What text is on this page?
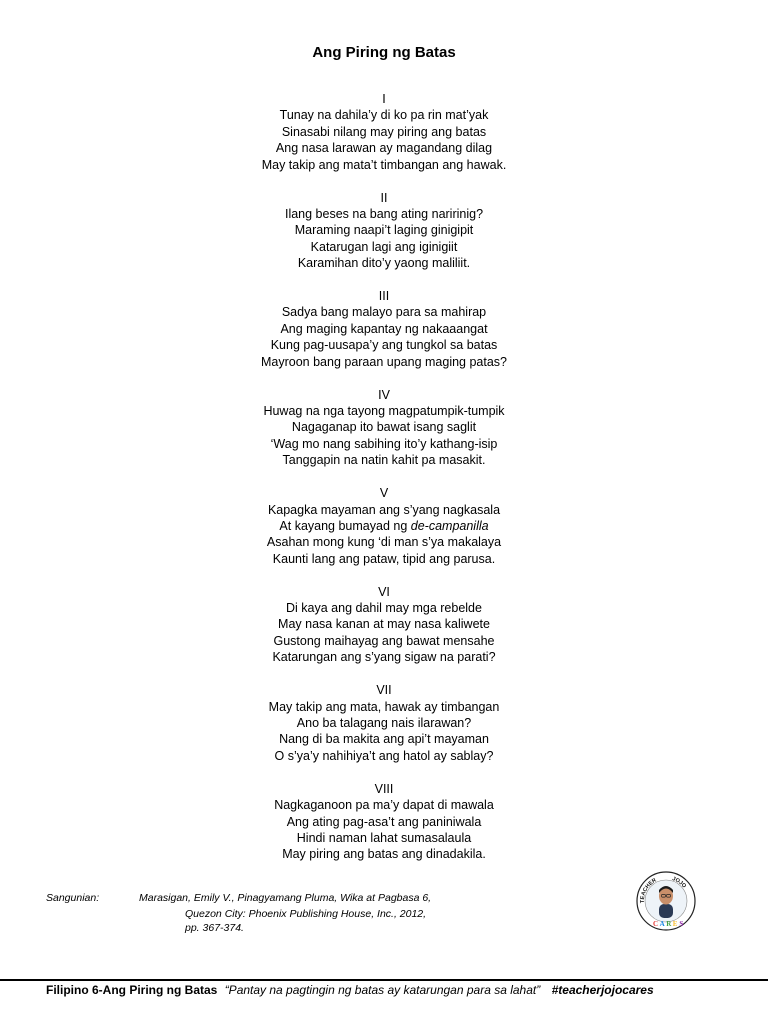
Ang Piring ng Batas
I
Tunay na dahila’y di ko pa rin mat’yak
Sinasabi nilang may piring ang batas
Ang nasa larawan ay magandang dilag
May takip ang mata’t timbangan ang hawak.
II
Ilang beses na bang ating naririnig?
Maraming naapi’t laging ginigipit
Katarugan lagi ang iginigiit
Karamihan dito’y yaong maliliit.
III
Sadya bang malayo para sa mahirap
Ang maging kapantay ng nakaaangat
Kung pag-uusapa’y ang tungkol sa batas
Mayroon bang paraan upang maging patas?
IV
Huwag na nga tayong magpatumpik-tumpik
Nagaganap ito bawat isang saglit
‘Wag mo nang sabihing ito’y kathang-isip
Tanggapin na natin kahit pa masakit.
V
Kapagka mayaman ang s’yang nagkasala
At kayang bumayad ng de-campanilla
Asahan mong kung ‘di man s’ya makalaya
Kaunti lang ang pataw, tipid ang parusa.
VI
Di kaya ang dahil may mga rebelde
May nasa kanan at may nasa kaliwete
Gustong maihayag ang bawat mensahe
Katarungan ang s’yang sigaw na parati?
VII
May takip ang mata, hawak ay timbangan
Ano ba talagang nais ilarawan?
Nang di ba makita ang api’t mayaman
O s’ya’y nahihiya’t ang hatol ay sablay?
VIII
Nagkaganoon pa ma’y dapat di mawala
Ang ating pag-asa’t ang paniniwala
Hindi naman lahat sumasalaula
May piring ang batas ang dinadakila.
Sangunian:	Marasigan, Emily V., Pinagyamang Pluma, Wika at Pagbasa 6,
Quezon City: Phoenix Publishing House, Inc., 2012,
pp. 367-374.
TEACHER	JOJO
C A R E S
Filipino 6-Ang Piring ng Batas “Pantay na pagtingin ng batas ay katarungan para sa lahat” #teacherjojocares
